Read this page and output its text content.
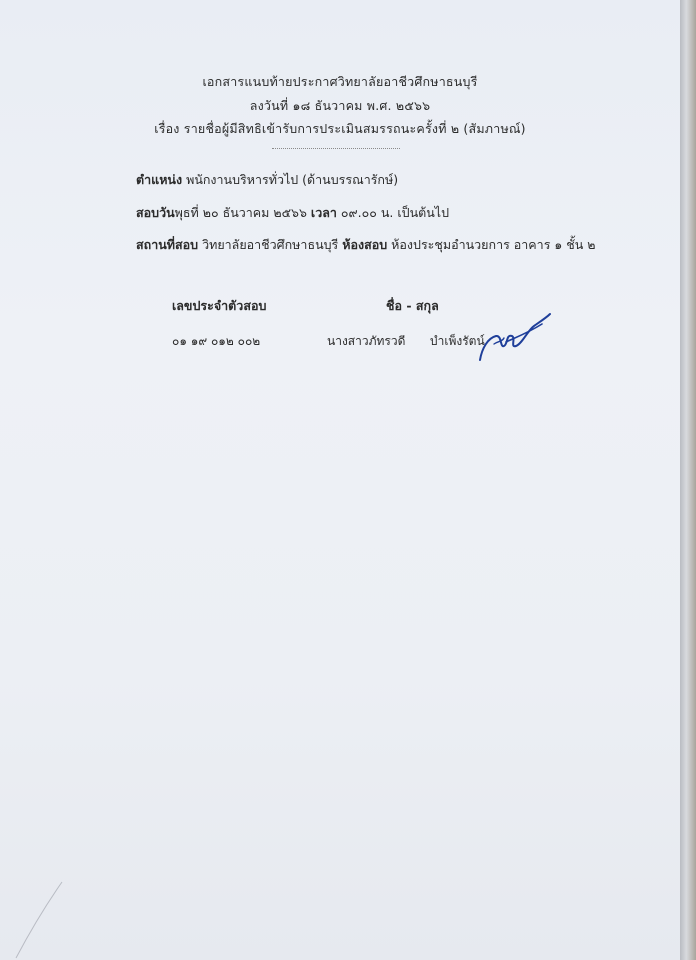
เอกสารแนบท้ายประกาศวิทยาลัยอาชีวศึกษาธนบุรี
ลงวันที่ ๑๘ ธันวาคม พ.ศ. ๒๕๖๖
เรื่อง รายชื่อผู้มีสิทธิเข้ารับการประเมินสมรรถนะครั้งที่ ๒ (สัมภาษณ์)
ตำแหน่ง พนักงานบริหารทั่วไป (ด้านบรรณารักษ์)
สอบวันพุธที่ ๒๐ ธันวาคม ๒๕๖๖ เวลา ๐๙.๐๐ น. เป็นต้นไป
สถานที่สอบ วิทยาลัยอาชีวศึกษาธนบุรี ห้องสอบ ห้องประชุมอำนวยการ อาคาร ๑ ชั้น ๒
เลขประจำตัวสอบ	ชื่อ - สกุล
๐๑ ๑๙ ๐๑๒ ๐๐๒	นางสาวภัทรวดี บำเพ็งรัตน์
